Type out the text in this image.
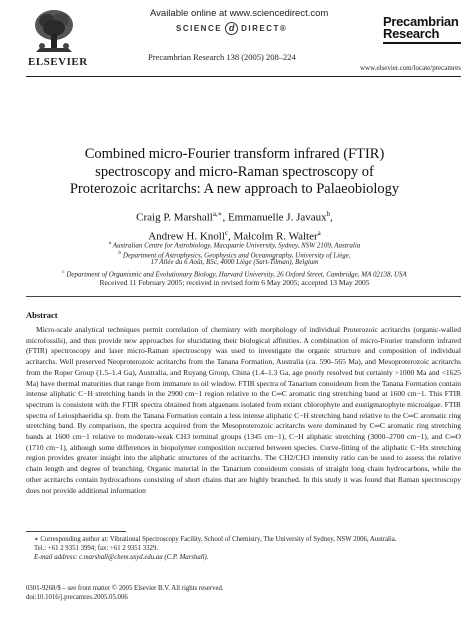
ELSEVIER
Available online at www.sciencedirect.com
SCIENCE d DIRECT®
Precambrian Research 138 (2005) 208–224
Precambrian
Research
www.elsevier.com/locate/precamres
Combined micro-Fourier transform infrared (FTIR)
spectroscopy and micro-Raman spectroscopy of
Proterozoic acritarchs: A new approach to Palaeobiology
Craig P. Marshall$^{a,∗}$, Emmanuelle J. Javaux$^b$,
Andrew H. Knoll$^c$, Malcolm R. Walter$^a$
$^a$ Australian Centre for Astrobiology, Macquarie University, Sydney, NSW 2109, Australia
$^b$ Department of Astrophysics, Geophysics and Oceanography, University of Liège,
17 Allée du 6 Août, B5c, 4000 Liège (Sart-Tilman), Belgium
$^c$ Department of Organismic and Evolutionary Biology, Harvard University, 26 Oxford Street, Cambridge, MA 02138, USA
Received 11 February 2005; received in revised form 6 May 2005; accepted 13 May 2005
Abstract
Micro-scale analytical techniques permit correlation of chemistry with morphology of individual Proterozoic acritarchs (organic-walled microfossils), and thus provide new approaches for elucidating their biological affinities. A combination of micro-Fourier transform infrared (FTIR) spectroscopy and laser micro-Raman spectroscopy was used to investigate the organic structure and composition of individual acritarchs. Well preserved Neoproterozoic acritarchs from the Tanana Formation, Australia (ca. 590–565 Ma), and Mesoproterozoic acritarchs from the Roper Group (1.5–1.4 Ga), Australia, and Ruyang Group, China (1.4–1.3 Ga, age poorly resolved but certainly >1000 Ma and <1625 Ma) have thermal maturities that range from immature to oil window. FTIR spectra of Tanarium conoideum from the Tanana Formation contain intense aliphatic C−H stretching bands in the 2900 cm−1 region relative to the C═C aromatic ring stretching band at 1600 cm−1. This FTIR spectrum is consistent with the FTIR spectra obtained from algaenans isolated from extant chlorophyte and eustigmatophyte microalgae. FTIR spectra of Leiosphaeridia sp. from the Tanana Formation contain a less intense aliphatic C−H stretching band relative to the C═C aromatic ring stretching band. By comparison, the spectra acquired from the Mesoproterozoic acritarchs were dominated by C═C aromatic ring stretching bands at 1600 cm−1 relative to moderate-weak CH3 terminal groups (1345 cm−1), C−H aliphatic stretching (3000–2700 cm−1), and C═O (1710 cm−1), although some differences in biopolymer composition occurred between species. Curve-fitting of the aliphatic C−Hx stretching region provides greater insight into the aliphatic structures of the acritarchs. The CH2/CH3 intensity ratio can be used to assess the relative chain length and degree of branching. Organic material in the Tanarium conoideum consists of straight long chain hydrocarbons, while the other acritarchs contain hydrocarbons consisting of short chains that are highly branched. In this study it was found that Raman spectroscopy does not provide additional information
∗ Corresponding author at: Vibrational Spectroscopy Facility, School of Chemistry, The University of Sydney, NSW 2006, Australia.
Tel.: +61 2 9351 3994; fax: +61 2 9351 3329.
E-mail address: c.marshall@chem.usyd.edu.au (C.P. Marshall).
0301-9268/$ – see front matter © 2005 Elsevier B.V. All rights reserved.
doi:10.1016/j.precamres.2005.05.006
